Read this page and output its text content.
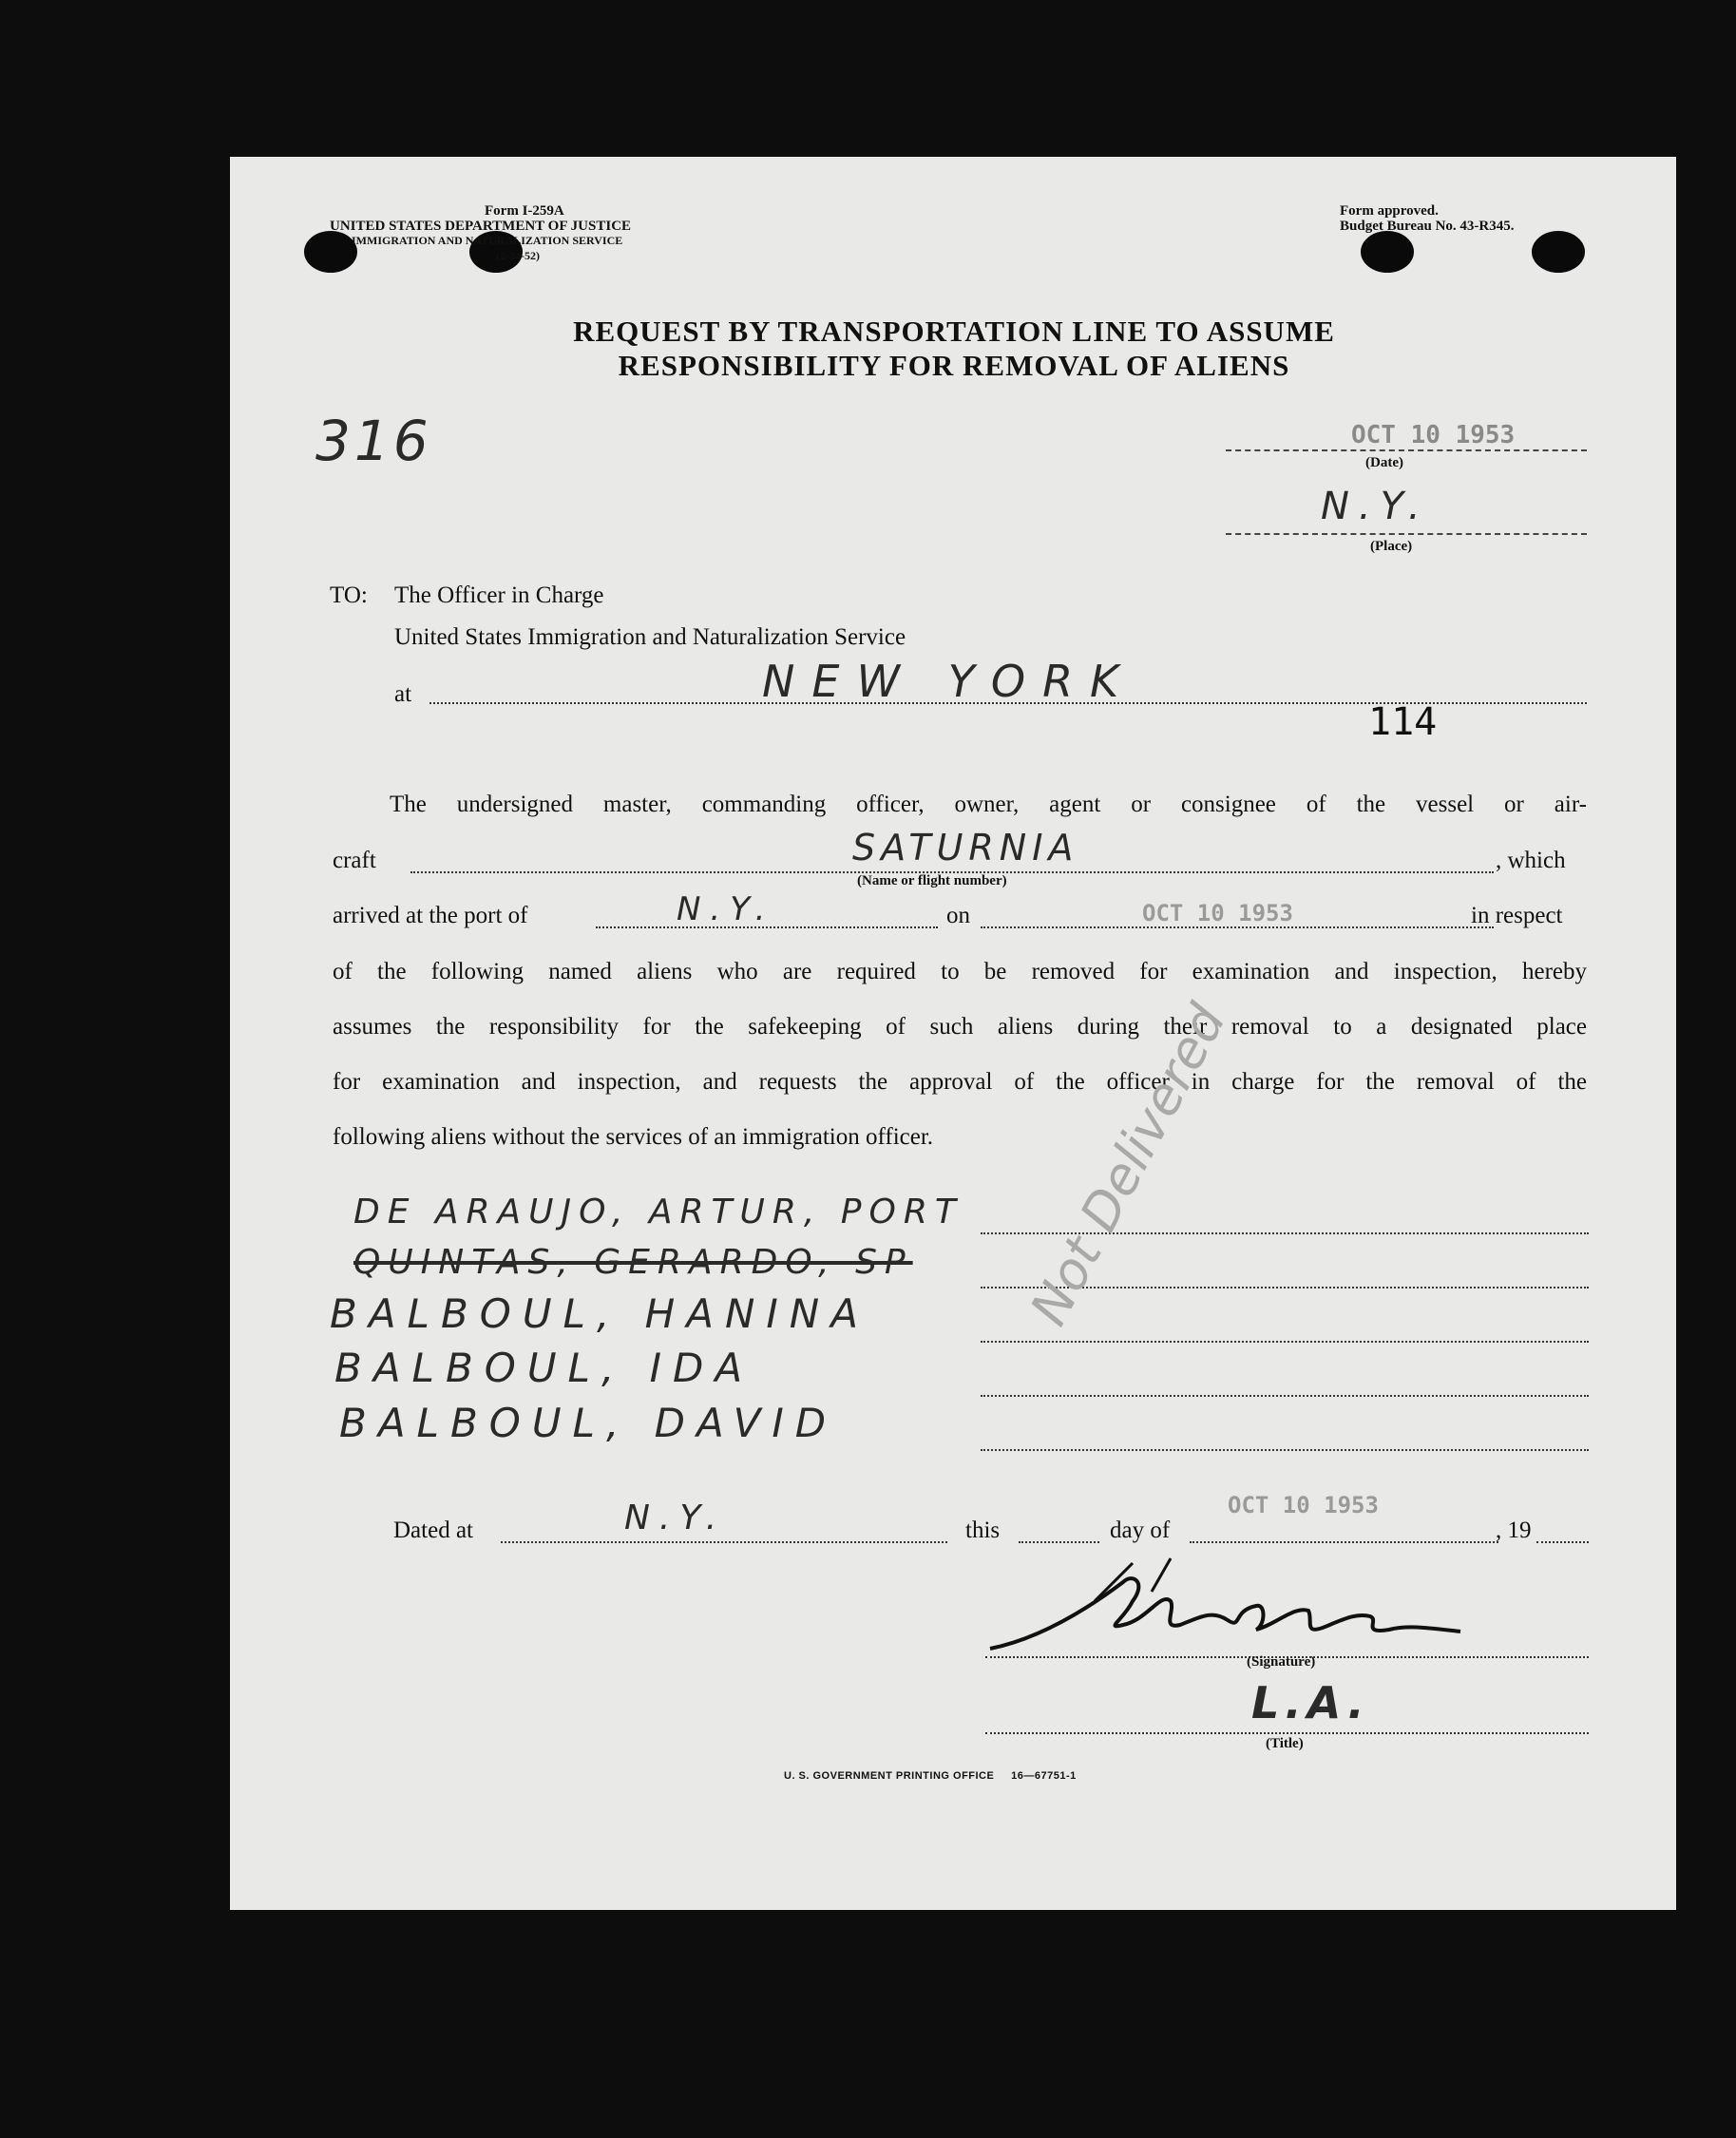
Form I-259A
UNITED STATES DEPARTMENT OF JUSTICE
IMMIGRATION AND NATURALIZATION SERVICE
(2-24-52)
Form approved.
Budget Bureau No. 43-R345.
REQUEST BY TRANSPORTATION LINE TO ASSUME
RESPONSIBILITY FOR REMOVAL OF ALIENS
316	OCT 10 1953
(Date)
N.Y.
(Place)
TO: The Officer in Charge
United States Immigration and Naturalization Service
at	NEW YORK
114
The undersigned master, commanding officer, owner, agent or consignee of the vessel or air-
craft	SATURNIA	, which
(Name or flight number)
arrived at the port of	N.Y.	on	OCT 10 1953	in respect
of the following named aliens who are required to be removed for examination and inspection, hereby
assumes the responsibility for the safekeeping of such aliens during their removal to a designated place
for examination and inspection, and requests the approval of the officer in charge for the removal of the
following aliens without the services of an immigration officer.
DE ARAUJO, ARTUR, PORT
QUINTAS, GERARDO, SP
BALBOUL, HANINA
BALBOUL, IDA
BALBOUL, DAVID
Not Delivered
Dated at	N.Y.	this	day of
OCT 10 1953
, 19
(Signature)
L.A.
(Title)
U. S. GOVERNMENT PRINTING OFFICE     16—67751-1
